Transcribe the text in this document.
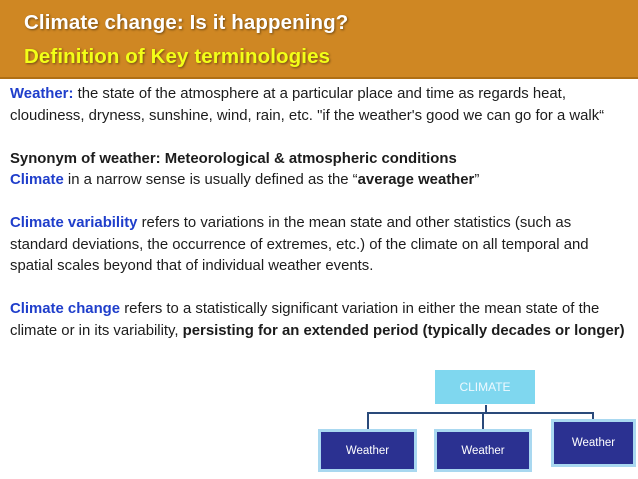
Climate change: Is it happening?
Definition of Key terminologies

Weather: the state of the atmosphere at a particular place and time as regards heat, cloudiness, dryness, sunshine, wind, rain, etc. "if the weather's good we can go for a walk“

Synonym of weather: Meteorological & atmospheric conditions

Climate in a narrow sense is usually defined as the “average weather”

Climate variability refers to variations in the mean state and other statistics (such as standard deviations, the occurrence of extremes, etc.) of the climate on all temporal and spatial scales beyond that of individual weather events.

Climate change refers to a statistically significant variation in either the mean state of the climate or in its variability, persisting for an extended period (typically decades or longer)

CLIMATE
Weather	Weather
Weather
